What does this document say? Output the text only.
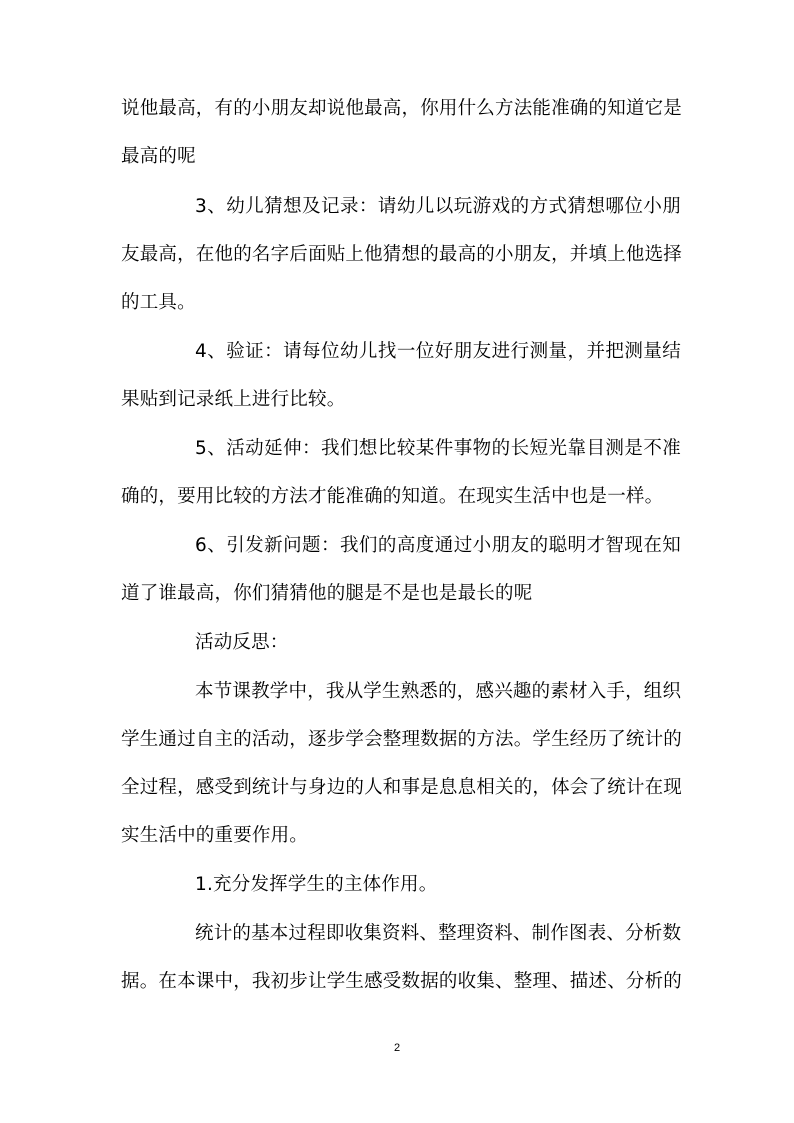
说他最高，有的小朋友却说他最高，你用什么方法能准确的知道它是
最高的呢
3、幼儿猜想及记录：请幼儿以玩游戏的方式猜想哪位小朋
友最高，在他的名字后面贴上他猜想的最高的小朋友，并填上他选择
的工具。
4、验证：请每位幼儿找一位好朋友进行测量，并把测量结
果贴到记录纸上进行比较。
5、活动延伸：我们想比较某件事物的长短光靠目测是不准
确的，要用比较的方法才能准确的知道。在现实生活中也是一样。
6、引发新问题：我们的高度通过小朋友的聪明才智现在知
道了谁最高，你们猜猜他的腿是不是也是最长的呢
活动反思：
本节课教学中，我从学生熟悉的，感兴趣的素材入手，组织
学生通过自主的活动，逐步学会整理数据的方法。学生经历了统计的
全过程，感受到统计与身边的人和事是息息相关的，体会了统计在现
实生活中的重要作用。
1.充分发挥学生的主体作用。
统计的基本过程即收集资料、整理资料、制作图表、分析数
据。在本课中，我初步让学生感受数据的收集、整理、描述、分析的
2
